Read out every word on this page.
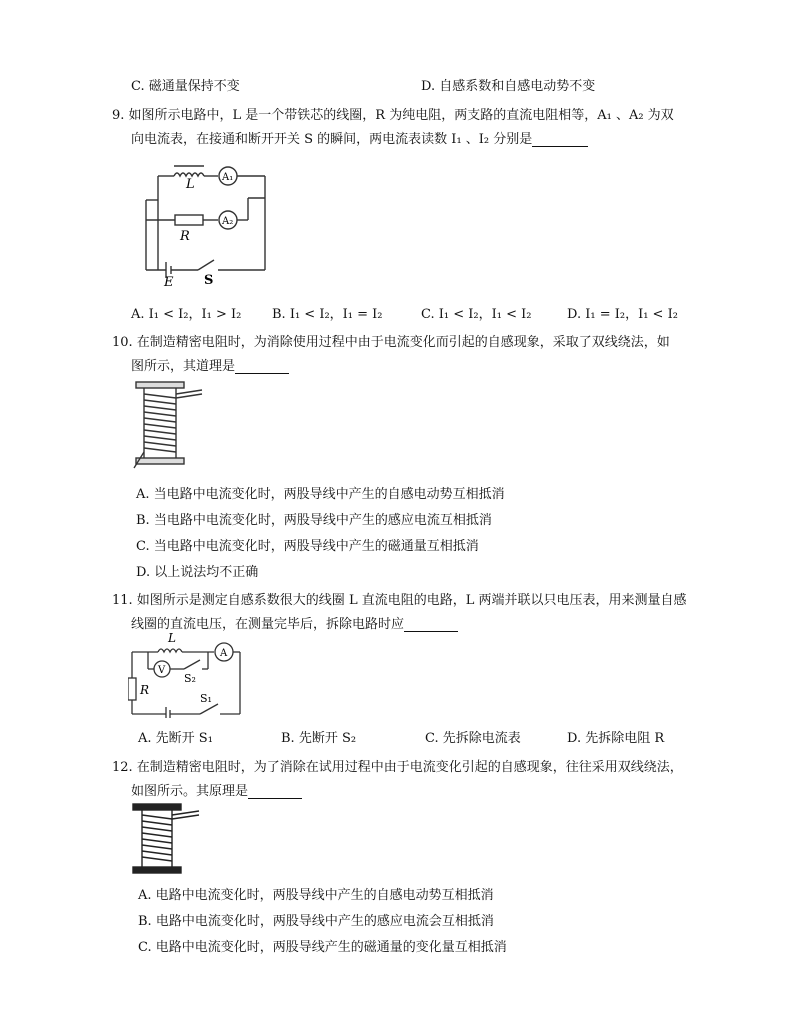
C. 磁通量保持不变	D. 自感系数和自感电动势不变
9. 如图所示电路中，L 是一个带铁芯的线圈，R 为纯电阻，两支路的直流电阻相等，A₁ 、A₂ 为双
向电流表，在接通和断开开关 S 的瞬间，两电流表读数 I₁ 、I₂ 分别是
L	A₁
R
A₂
E S
A. I₁ < I₂，I₁ > I₂ B. I₁ < I₂，I₁ = I₂	C. I₁ < I₂，I₁ < I₂	D. I₁ = I₂，I₁ < I₂
10. 在制造精密电阻时，为消除使用过程中由于电流变化而引起的自感现象，采取了双线绕法，如
图所示，其道理是
A. 当电路中电流变化时，两股导线中产生的自感电动势互相抵消
B. 当电路中电流变化时，两股导线中产生的感应电流互相抵消
C. 当电路中电流变化时，两股导线中产生的磁通量互相抵消
D. 以上说法均不正确
11. 如图所示是测定自感系数很大的线圈 L 直流电阻的电路，L 两端并联以只电压表，用来测量自感
线圈的直流电压，在测量完毕后，拆除电路时应
L
V
A
S₂
R
S₁
A. 先断开 S₁	B. 先断开 S₂	C. 先拆除电流表	D. 先拆除电阻 R
12. 在制造精密电阻时，为了消除在试用过程中由于电流变化引起的自感现象，往往采用双线绕法，
如图所示。其原理是
A. 电路中电流变化时，两股导线中产生的自感电动势互相抵消
B. 电路中电流变化时，两股导线中产生的感应电流会互相抵消
C. 电路中电流变化时，两股导线产生的磁通量的变化量互相抵消
